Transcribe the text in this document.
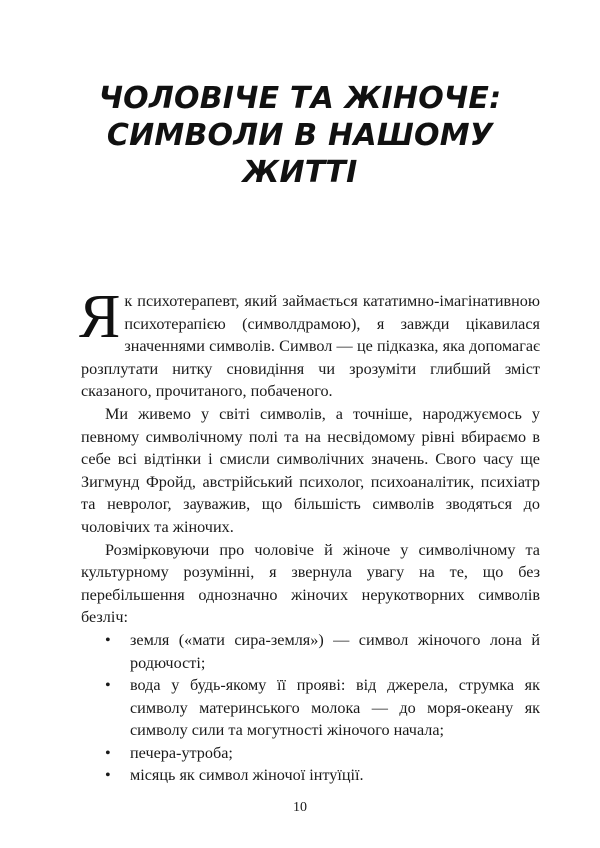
ЧОЛОВІЧЕ ТА ЖІНОЧЕ:
СИМВОЛИ В НАШОМУ
ЖИТТІ

Як психотерапевт, який займається кататимно-імагінативною психотерапією (символдрамою), я завжди цікавилася значеннями символів. Символ — це підказка, яка допомагає розплутати нитку сновидіння чи зрозуміти глибший зміст сказаного, прочитаного, побаченого.

Ми живемо у світі символів, а точніше, народжуємось у певному символічному полі та на несвідомому рівні вбираємо в себе всі відтінки і смисли символічних значень. Свого часу ще Зигмунд Фройд, австрійський психолог, психоаналітик, психіатр та невролог, зауважив, що більшість символів зводяться до чоловічих та жіночих.

Розмірковуючи про чоловіче й жіноче у символічному та культурному розумінні, я звернула увагу на те, що без перебільшення однозначно жіночих нерукотворних символів безліч:

• земля («мати сира-земля») — символ жіночого лона й родючості;
• вода у будь-якому її прояві: від джерела, струмка як символу материнського молока — до моря-океану як символу сили та могутності жіночого начала;
• печера-утроба;
• місяць як символ жіночої інтуїції.
10
